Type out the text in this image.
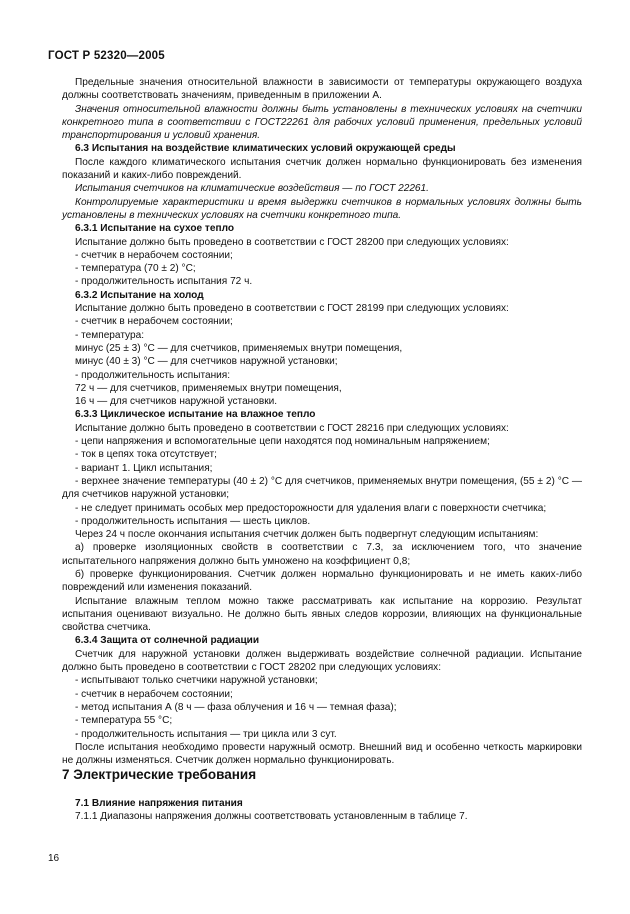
ГОСТ Р 52320—2005
Предельные значения относительной влажности в зависимости от температуры окружающего воздуха должны соответствовать значениям, приведенным в приложении А.
Значения относительной влажности должны быть установлены в технических условиях на счетчики конкретного типа в соответствии с ГОСТ22261 для рабочих условий применения, предельных условий транспортирования и условий хранения.
6.3 Испытания на воздействие климатических условий окружающей среды
После каждого климатического испытания счетчик должен нормально функционировать без изменения показаний и каких-либо повреждений.
Испытания счетчиков на климатические воздействия — по ГОСТ 22261.
Контролируемые характеристики и время выдержки счетчиков в нормальных условиях должны быть установлены в технических условиях на счетчики конкретного типа.
6.3.1 Испытание на сухое тепло
Испытание должно быть проведено в соответствии с ГОСТ 28200 при следующих условиях:
- счетчик в нерабочем состоянии;
- температура (70 ± 2) °С;
- продолжительность испытания 72 ч.
6.3.2 Испытание на холод
Испытание должно быть проведено в соответствии с ГОСТ 28199 при следующих условиях:
- счетчик в нерабочем состоянии;
- температура:
минус (25 ± 3) °С — для счетчиков, применяемых внутри помещения,
минус (40 ± 3) °С — для счетчиков наружной установки;
- продолжительность испытания:
72 ч — для счетчиков, применяемых внутри помещения,
16 ч — для счетчиков наружной установки.
6.3.3 Циклическое испытание на влажное тепло
Испытание должно быть проведено в соответствии с ГОСТ 28216 при следующих условиях:
- цепи напряжения и вспомогательные цепи находятся под номинальным напряжением;
- ток в цепях тока отсутствует;
- вариант 1. Цикл испытания;
- верхнее значение температуры (40 ± 2) °С для счетчиков, применяемых внутри помещения, (55 ± 2) °С — для счетчиков наружной установки;
- не следует принимать особых мер предосторожности для удаления влаги с поверхности счетчика;
- продолжительность испытания — шесть циклов.
Через 24 ч после окончания испытания счетчик должен быть подвергнут следующим испытаниям:
а) проверке изоляционных свойств в соответствии с 7.3, за исключением того, что значение испытательного напряжения должно быть умножено на коэффициент 0,8;
б) проверке функционирования. Счетчик должен нормально функционировать и не иметь каких-либо повреждений или изменения показаний.
Испытание влажным теплом можно также рассматривать как испытание на коррозию. Результат испытания оценивают визуально. Не должно быть явных следов коррозии, влияющих на функциональные свойства счетчика.
6.3.4 Защита от солнечной радиации
Счетчик для наружной установки должен выдерживать воздействие солнечной радиации. Испытание должно быть проведено в соответствии с ГОСТ 28202 при следующих условиях:
- испытывают только счетчики наружной установки;
- счетчик в нерабочем состоянии;
- метод испытания А (8 ч — фаза облучения и 16 ч — темная фаза);
- температура 55 °С;
- продолжительность испытания — три цикла или 3 сут.
После испытания необходимо провести наружный осмотр. Внешний вид и особенно четкость маркировки не должны изменяться. Счетчик должен нормально функционировать.
7 Электрические требования
7.1 Влияние напряжения питания
7.1.1 Диапазоны напряжения должны соответствовать установленным в таблице 7.
16
